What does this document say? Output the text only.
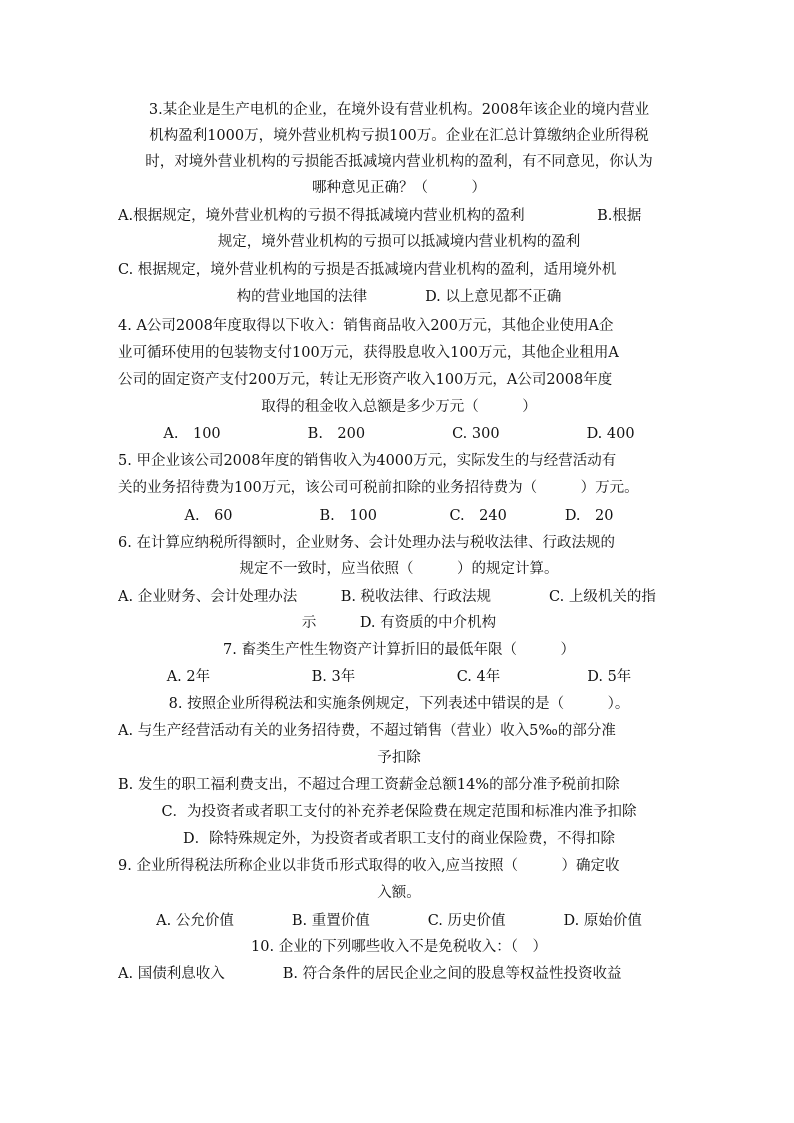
3.某企业是生产电机的企业，在境外设有营业机构。2008年该企业的境内营业
机构盈利1000万，境外营业机构亏损100万。企业在汇总计算缴纳企业所得税
时，对境外营业机构的亏损能否抵减境内营业机构的盈利，有不同意见，你认为
哪种意见正确？（　　　）
A.根据规定，境外营业机构的亏损不得抵减境内营业机构的盈利　　　　　B.根据
规定，境外营业机构的亏损可以抵减境内营业机构的盈利
C. 根据规定，境外营业机构的亏损是否抵减境内营业机构的盈利，适用境外机
构的营业地国的法律　　　　D. 以上意见都不正确
4. A公司2008年度取得以下收入：销售商品收入200万元，其他企业使用A企
业可循环使用的包装物支付100万元，获得股息收入100万元，其他企业租用A
公司的固定资产支付200万元，转让无形资产收入100万元，A公司2008年度
取得的租金收入总额是多少万元（　　　）
A.　100　　　　　　B.　200　　　　　　C. 300　　　　　　D. 400
5. 甲企业该公司2008年度的销售收入为4000万元，实际发生的与经营活动有
关的业务招待费为100万元，该公司可税前扣除的业务招待费为（　　　）万元。
A.　60　　　　　　B.　100　　　　　C.　240　　　　D.　20
6. 在计算应纳税所得额时，企业财务、会计处理办法与税收法律、行政法规的
规定不一致时，应当依照（　　　）的规定计算。
A. 企业财务、会计处理办法　　　B. 税收法律、行政法规　　　　C. 上级机关的指
示　　　D. 有资质的中介机构
7. 畜类生产性生物资产计算折旧的最低年限（　　　）
A. 2年　　　　　　　B. 3年　　　　　　　C. 4年　　　　　　D. 5年
8. 按照企业所得税法和实施条例规定，下列表述中错误的是（　　　）。
A. 与生产经营活动有关的业务招待费，不超过销售（营业）收入5‰的部分准
予扣除
B. 发生的职工福利费支出，不超过合理工资薪金总额14%的部分准予税前扣除
C．为投资者或者职工支付的补充养老保险费在规定范围和标准内准予扣除
D．除特殊规定外，为投资者或者职工支付的商业保险费，不得扣除
9. 企业所得税法所称企业以非货币形式取得的收入,应当按照（　　　）确定收
入额。
A. 公允价值　　　　B. 重置价值　　　　C. 历史价值　　　　D. 原始价值
10. 企业的下列哪些收入不是免税收入：（　）
A. 国债利息收入　　　　B. 符合条件的居民企业之间的股息等权益性投资收益
